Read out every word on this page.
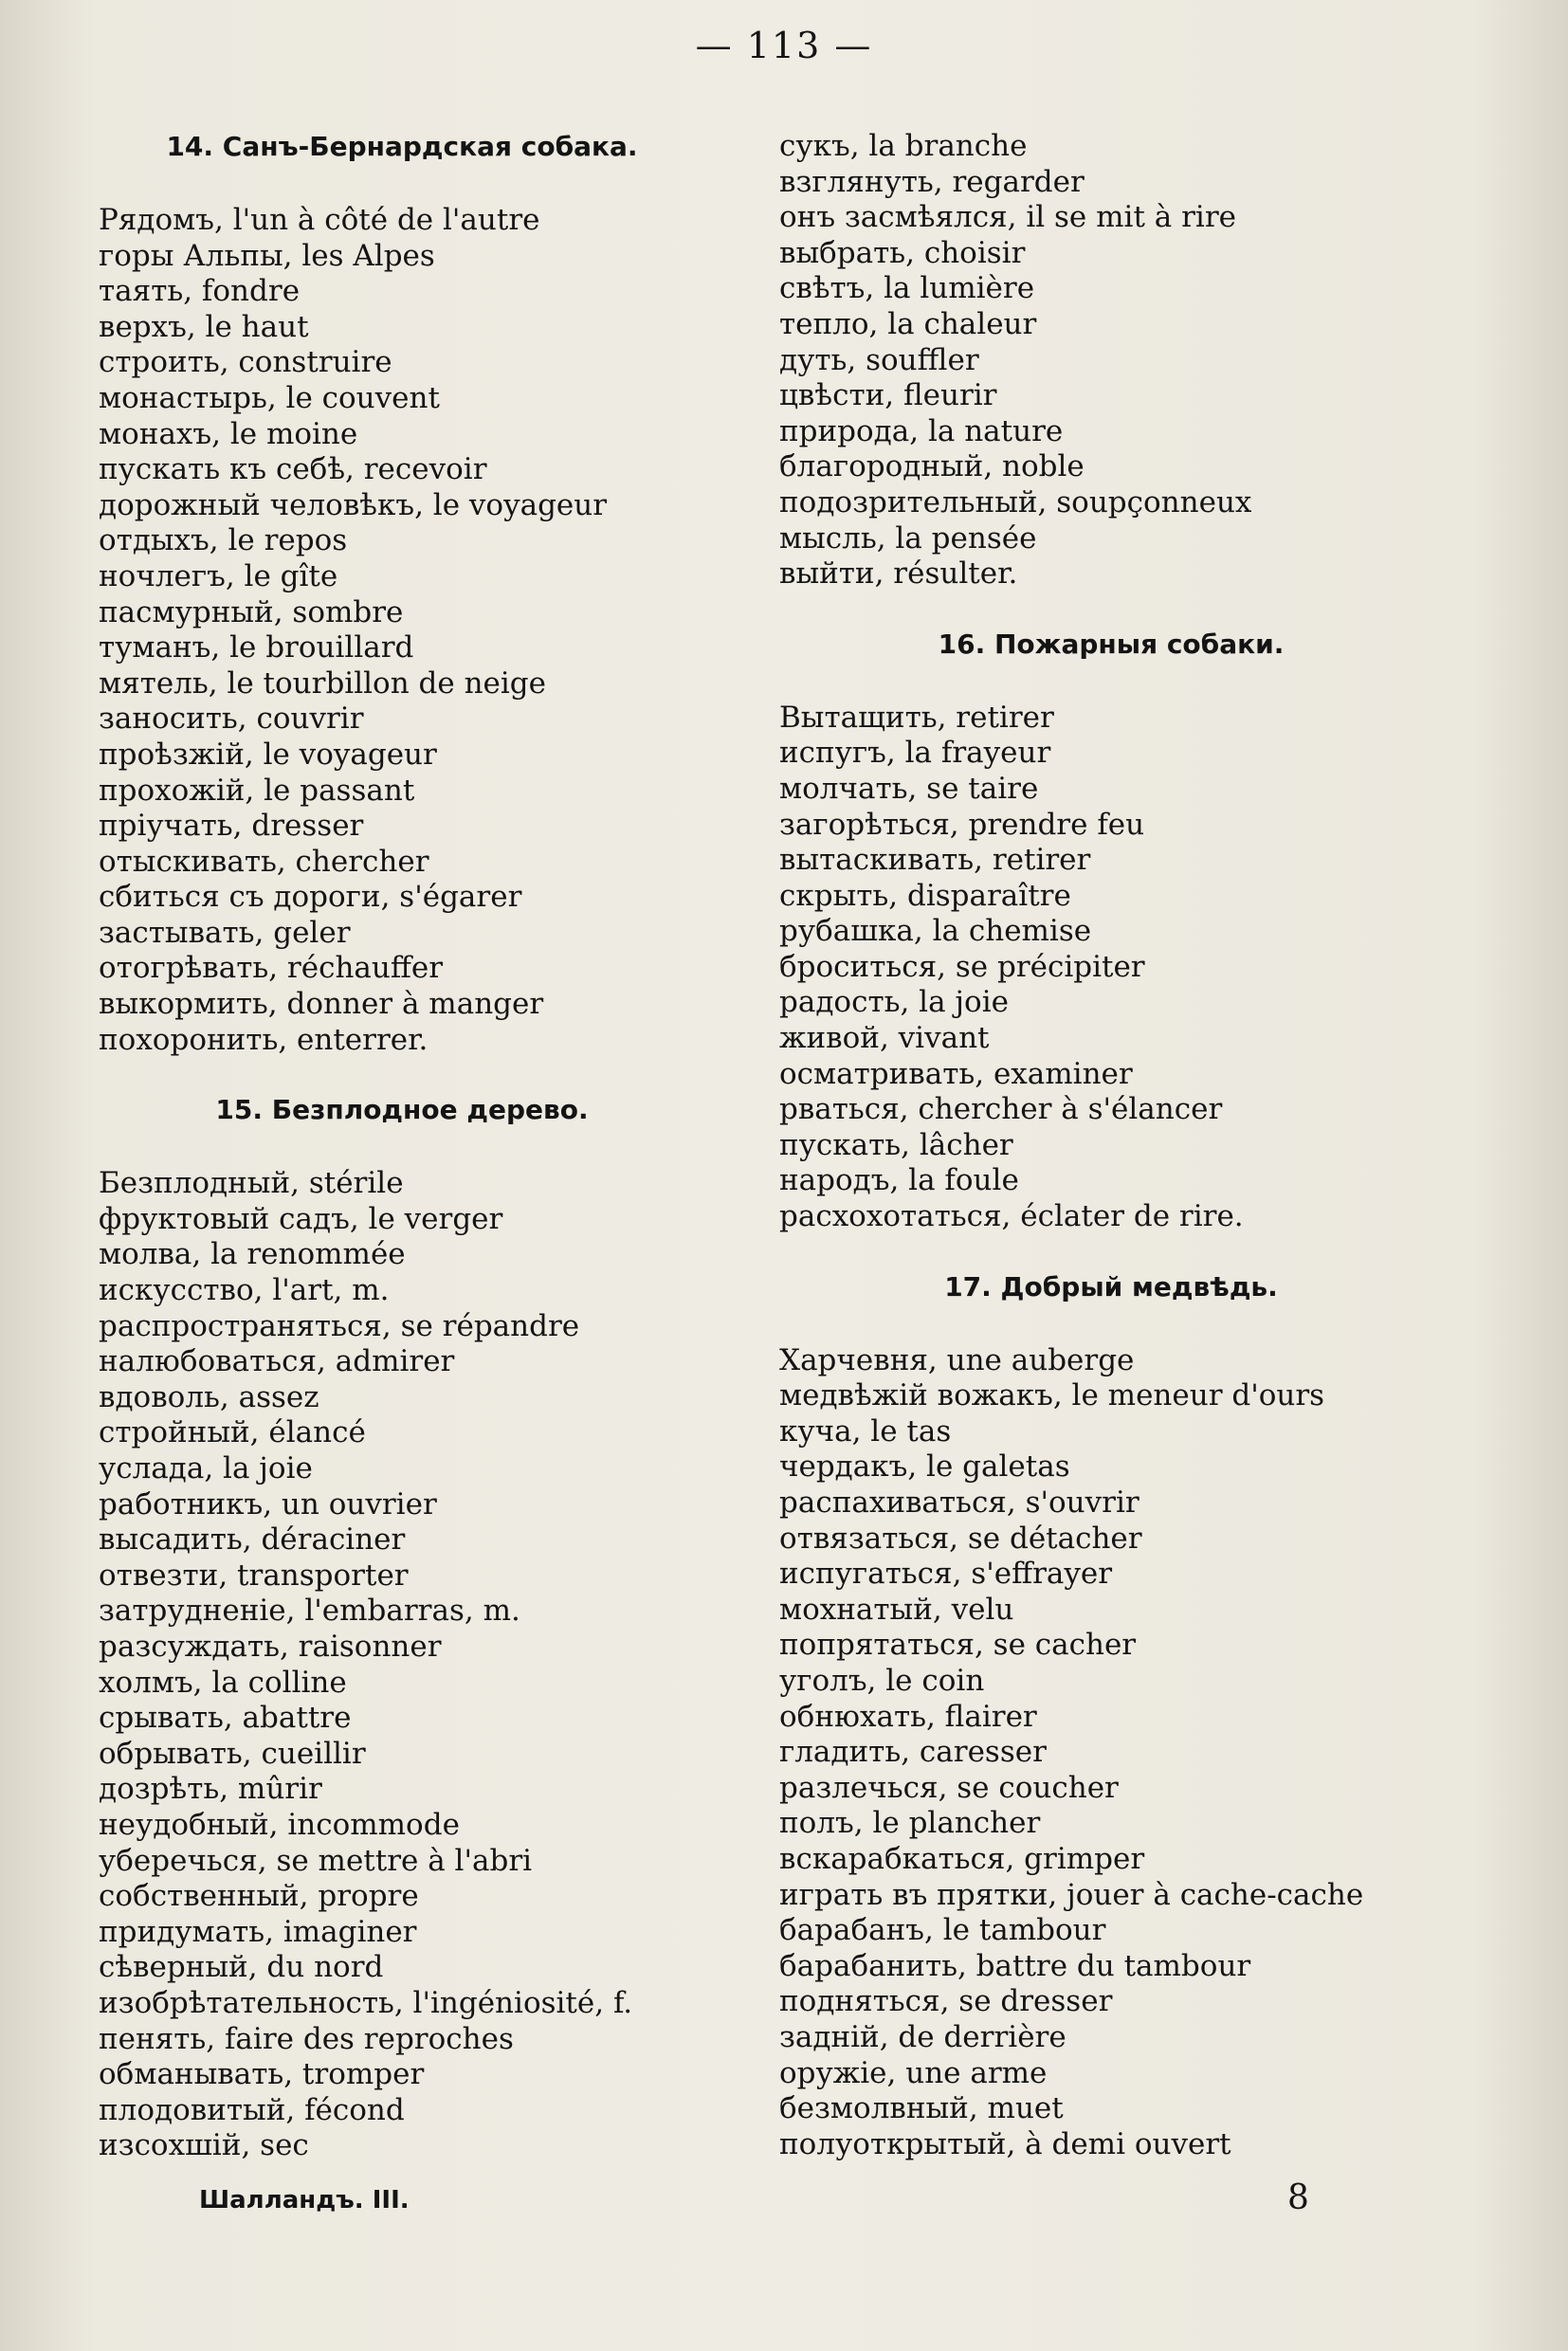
— 113 —
14. Санъ-Бернардская собака.
Рядомъ, l'un à côté de l'autre
горы Альпы, les Alpes
таять, fondre
верхъ, le haut
строить, construire
монастырь, le couvent
монахъ, le moine
пускать къ себѣ, recevoir
дорожный человѣкъ, le voyageur
отдыхъ, le repos
ночлегъ, le gîte
пасмурный, sombre
туманъ, le brouillard
мятель, le tourbillon de neige
заносить, couvrir
проѣзжій, le voyageur
прохожій, le passant
пріучать, dresser
отыскивать, chercher
сбиться съ дороги, s'égarer
застывать, geler
отогрѣвать, réchauffer
выкормить, donner à manger
похоронить, enterrer.
15. Безплодное дерево.
Безплодный, stérile
фруктовый садъ, le verger
молва, la renommée
искусство, l'art, m.
распространяться, se répandre
налюбоваться, admirer
вдоволь, assez
стройный, élancé
услада, la joie
работникъ, un ouvrier
высадить, déraciner
отвезти, transporter
затрудненіе, l'embarras, m.
разсуждать, raisonner
холмъ, la colline
срывать, abattre
обрывать, cueillir
дозрѣть, mûrir
неудобный, incommode
уберечься, se mettre à l'abri
собственный, propre
придумать, imaginer
сѣверный, du nord
изобрѣтательность, l'ingéniosité, f.
пенять, faire des reproches
обманывать, tromper
плодовитый, fécond
изсохшій, sec
сукъ, la branche
взглянуть, regarder
онъ засмѣялся, il se mit à rire
выбрать, choisir
свѣтъ, la lumière
тепло, la chaleur
дуть, souffler
цвѣсти, fleurir
природа, la nature
благородный, noble
подозрительный, soupçonneux
мысль, la pensée
выйти, résulter.
16. Пожарныя собаки.
Вытащить, retirer
испугъ, la frayeur
молчать, se taire
загорѣться, prendre feu
вытаскивать, retirer
скрыть, disparaître
рубашка, la chemise
броситься, se précipiter
радость, la joie
живой, vivant
осматривать, examiner
рваться, chercher à s'élancer
пускать, lâcher
народъ, la foule
расхохотаться, éclater de rire.
17. Добрый медвѣдь.
Харчевня, une auberge
медвѣжій вожакъ, le meneur d'ours
куча, le tas
чердакъ, le galetas
распахиваться, s'ouvrir
отвязаться, se détacher
испугаться, s'effrayer
мохнатый, velu
попрятаться, se cacher
уголъ, le coin
обнюхать, flairer
гладить, caresser
разлечься, se coucher
полъ, le plancher
вскарабкаться, grimper
играть въ прятки, jouer à cache-cache
барабанъ, le tambour
барабанить, battre du tambour
подняться, se dresser
задній, de derrière
оружіе, une arme
безмолвный, muet
полуоткрытый, à demi ouvert
Шалландъ. III.	8
